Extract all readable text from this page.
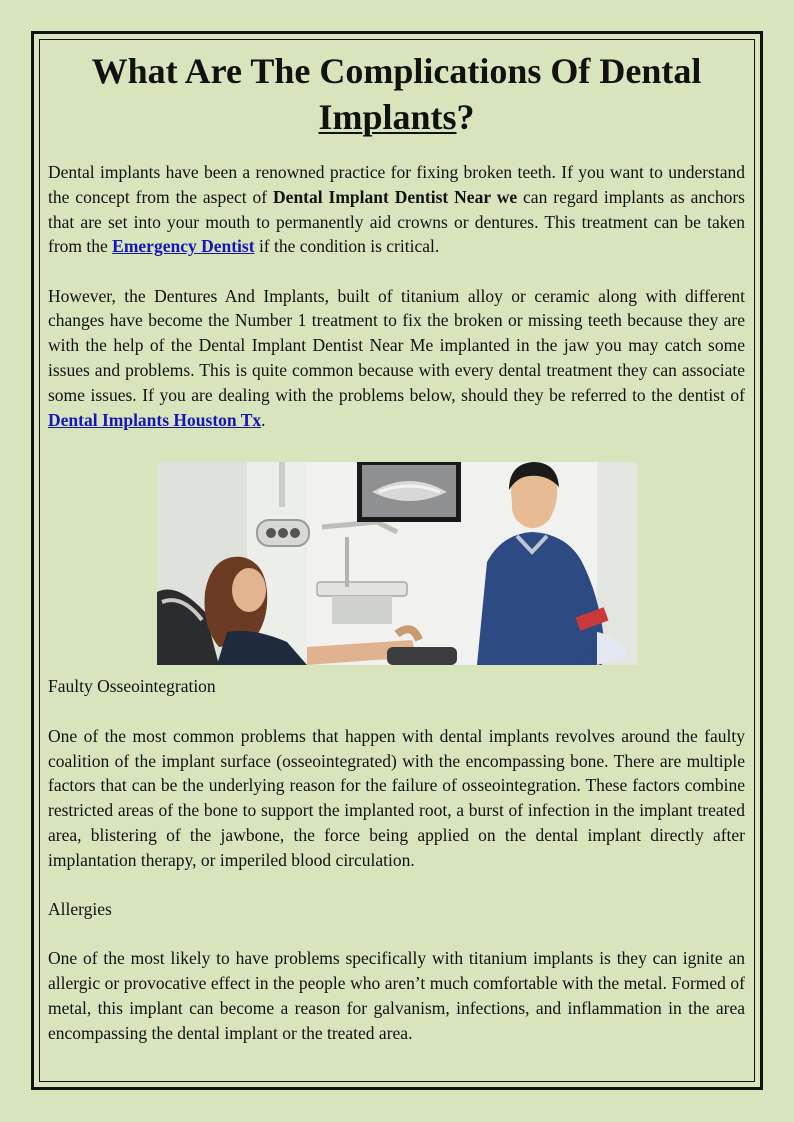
What Are The Complications Of Dental
Implants?

Dental implants have been a renowned practice for fixing broken teeth. If you want to understand the concept from the aspect of Dental Implant Dentist Near we can regard implants as anchors that are set into your mouth to permanently aid crowns or dentures. This treatment can be taken from the Emergency Dentist if the condition is critical.

However, the Dentures And Implants, built of titanium alloy or ceramic along with different changes have become the Number 1 treatment to fix the broken or missing teeth because they are with the help of the Dental Implant Dentist Near Me implanted in the jaw you may catch some issues and problems. This is quite common because with every dental treatment they can associate some issues. If you are dealing with the problems below, should they be referred to the dentist of Dental Implants Houston Tx.

Faulty Osseointegration

One of the most common problems that happen with dental implants revolves around the faulty coalition of the implant surface (osseointegrated) with the encompassing bone. There are multiple factors that can be the underlying reason for the failure of osseointegration. These factors combine restricted areas of the bone to support the implanted root, a burst of infection in the implant treated area, blistering of the jawbone, the force being applied on the dental implant directly after implantation therapy, or imperiled blood circulation.

Allergies

One of the most likely to have problems specifically with titanium implants is they can ignite an allergic or provocative effect in the people who aren’t much comfortable with the metal. Formed of metal, this implant can become a reason for galvanism, infections, and inflammation in the area encompassing the dental implant or the treated area.
